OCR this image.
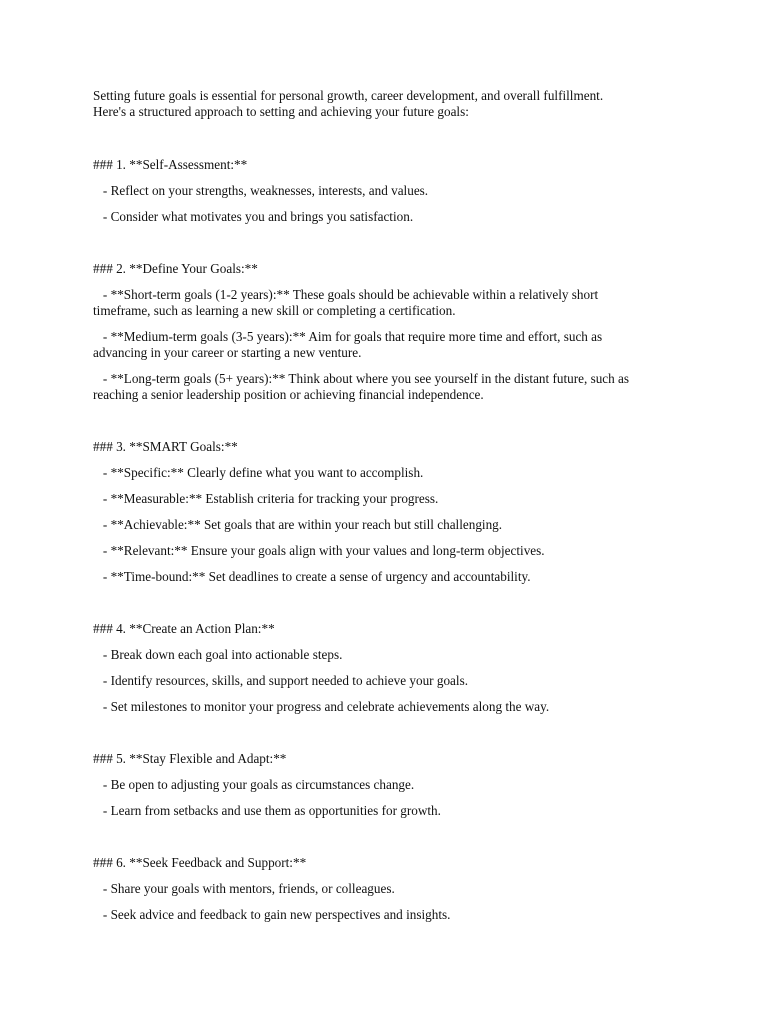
Setting future goals is essential for personal growth, career development, and overall fulfillment.
Here's a structured approach to setting and achieving your future goals:

### 1. **Self-Assessment:**

- Reflect on your strengths, weaknesses, interests, and values.

- Consider what motivates you and brings you satisfaction.

### 2. **Define Your Goals:**

- **Short-term goals (1-2 years):** These goals should be achievable within a relatively short
timeframe, such as learning a new skill or completing a certification.

- **Medium-term goals (3-5 years):** Aim for goals that require more time and effort, such as
advancing in your career or starting a new venture.

- **Long-term goals (5+ years):** Think about where you see yourself in the distant future, such as
reaching a senior leadership position or achieving financial independence.

### 3. **SMART Goals:**

- **Specific:** Clearly define what you want to accomplish.

- **Measurable:** Establish criteria for tracking your progress.

- **Achievable:** Set goals that are within your reach but still challenging.

- **Relevant:** Ensure your goals align with your values and long-term objectives.

- **Time-bound:** Set deadlines to create a sense of urgency and accountability.

### 4. **Create an Action Plan:**

- Break down each goal into actionable steps.

- Identify resources, skills, and support needed to achieve your goals.

- Set milestones to monitor your progress and celebrate achievements along the way.

### 5. **Stay Flexible and Adapt:**

- Be open to adjusting your goals as circumstances change.

- Learn from setbacks and use them as opportunities for growth.

### 6. **Seek Feedback and Support:**

- Share your goals with mentors, friends, or colleagues.

- Seek advice and feedback to gain new perspectives and insights.
